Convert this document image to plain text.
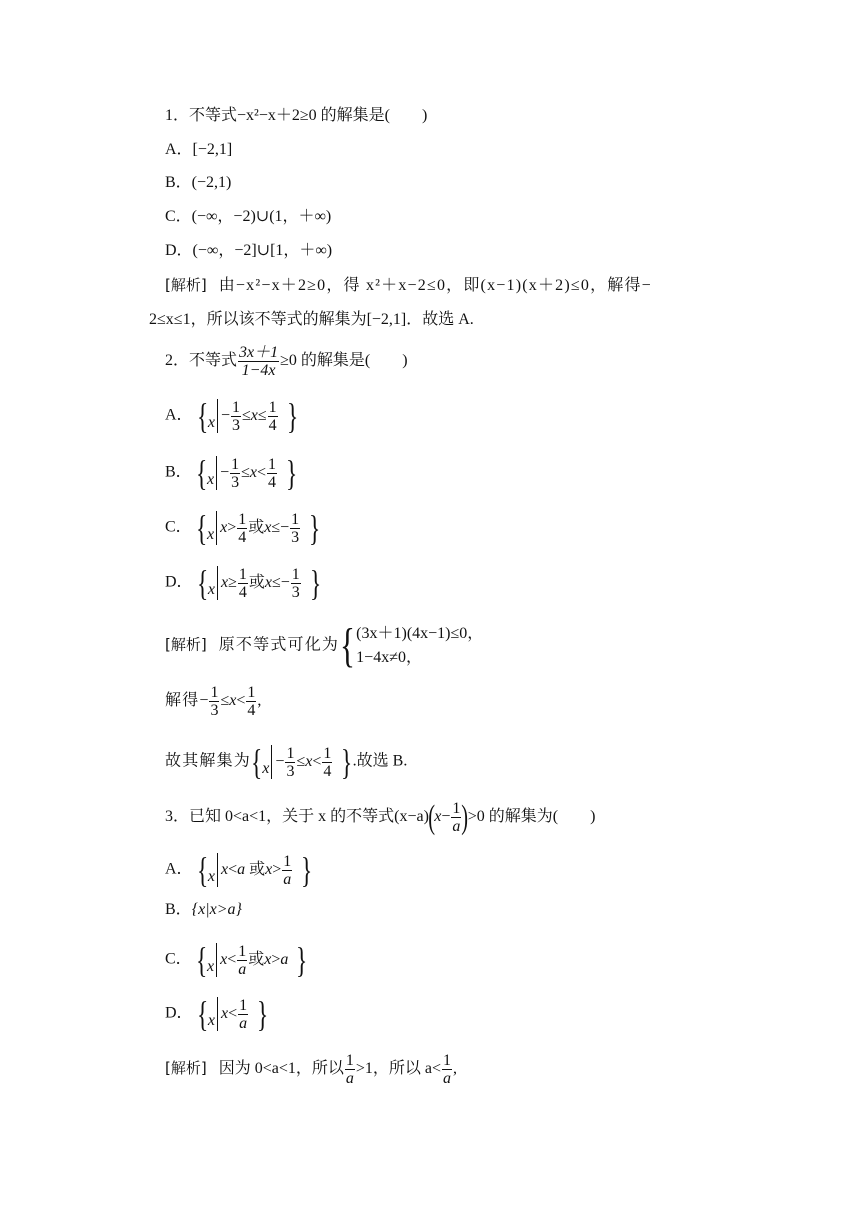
1．不等式−x²−x＋2≥0 的解集是(　　)
A．[−2,1]
B．(−2,1)
C．(−∞，−2)∪(1，＋∞)
D．(−∞，−2]∪[1，＋∞)
[解析] 由−x²−x＋2≥0，得 x²＋x−2≤0，即(x−1)(x＋2)≤0，解得−
2≤x≤1，所以该不等式的解集为[−2,1]．故选 A.
2．不等式 $\frac{3x+1}{1-4x} \ge 0$ 的解集是(　　)
A． { $x - \frac{1}{3} \le x \le \frac{1}{4}$ }
B． { $x - \frac{1}{3} \le x < \frac{1}{4}$ }
C． { x $x > \frac{1}{4}$ 或 $x \le- \frac{1}{3}$ }
D． { x $x \ge \frac{1}{4}$ 或 $x \le- \frac{1}{3}$ }
[解析] 原不等式可化为 { (3x＋1)(4x−1)≤0，
1−4x≠0，
解得− $\frac{1}{3} \le x< \frac{1}{4}$ ,
故其解集为{ $x - \frac{1}{3} \le x < \frac{1}{4}$ }.故选 B.
3．已知 0<a<1，关于 x 的不等式$(x-a)(x- \frac{1}{a} )>0$ 的解集为(　　)
A． { x x < a 或 $x > \frac{1}{a}$ }
B．{x|x>a}
C． { x $x < \frac{1}{a}$ 或 x > a }
D． { x $x < \frac{1}{a}$ }
[解析] 因为 0<a<1，所以 $\frac{1}{a} >1$，所以 $a< \frac{1}{a}$ ,
